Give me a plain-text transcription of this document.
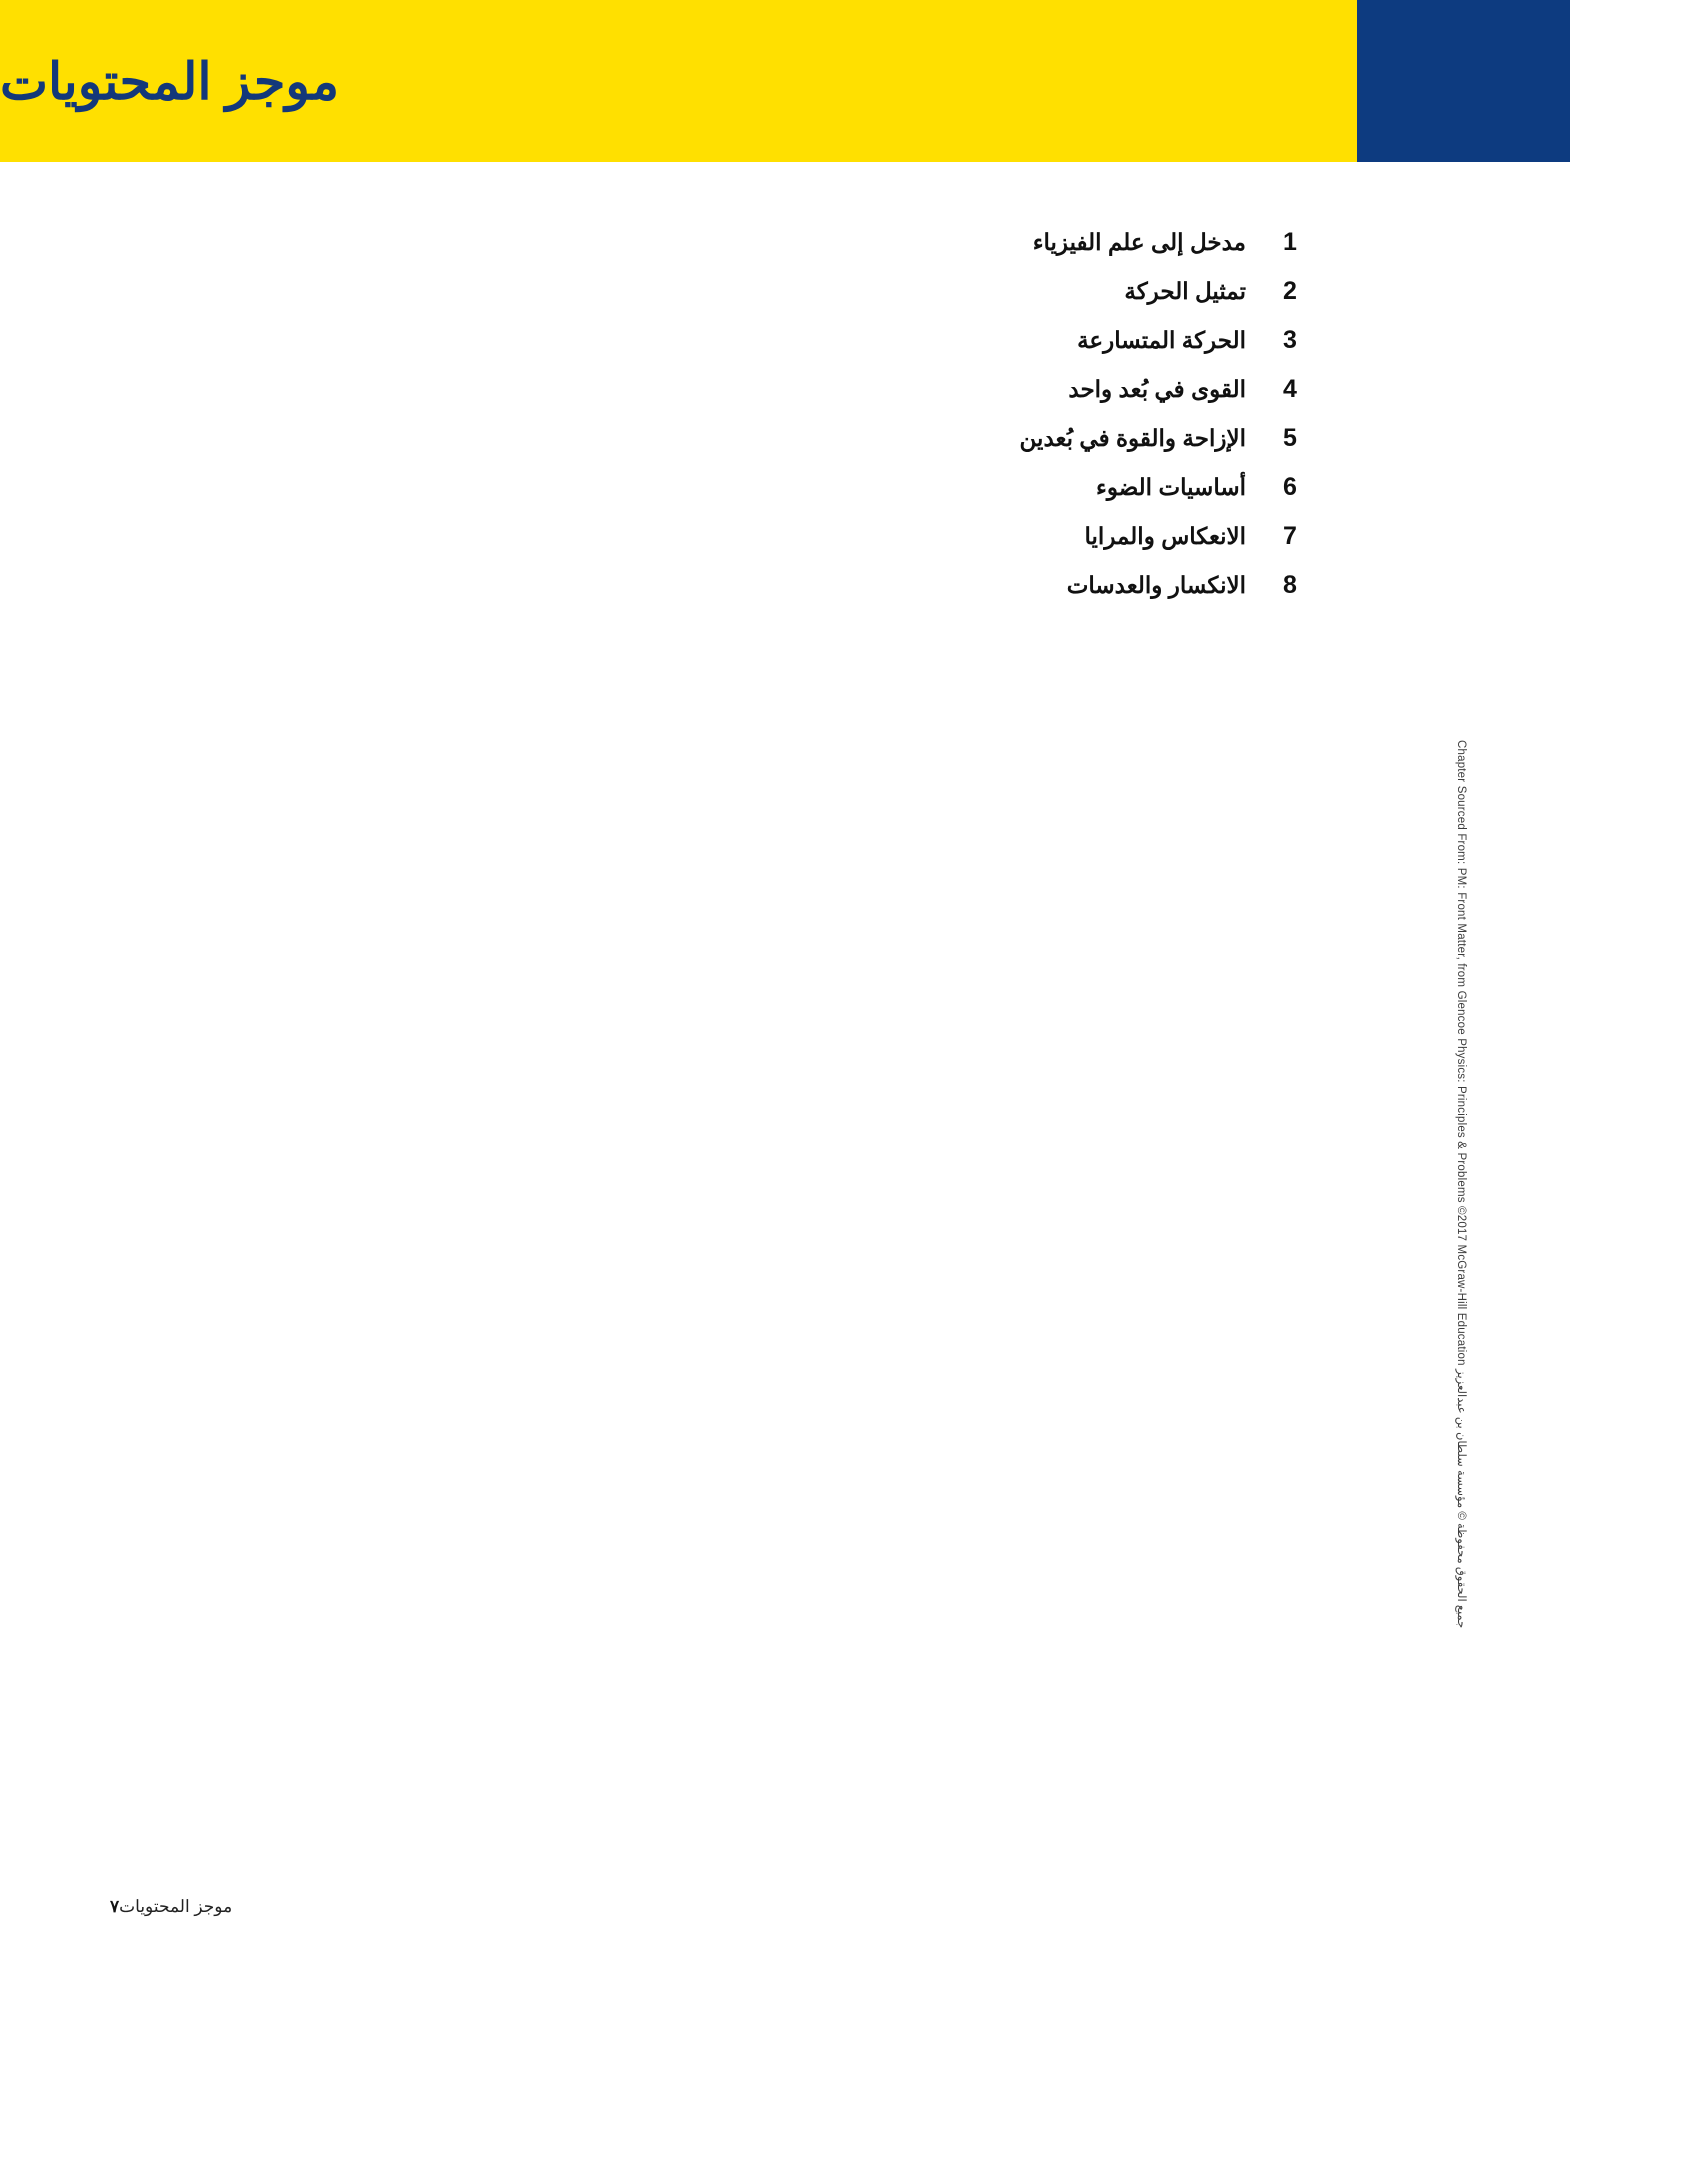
موجز المحتويات
1
مدخل إلى علم الفيزياء
2
تمثيل الحركة
3
الحركة المتسارعة
4
القوى في بُعد واحد
5
الإزاحة والقوة في بُعدين
6
أساسيات الضوء
7
الانعكاس والمرايا
8
الانكسار والعدسات
Chapter Sourced From: PM: Front Matter, from Glencoe Physics: Principles & Problems ©2017 McGraw-Hill Education جميع الحقوق محفوظة © مؤسسة سلطان بن عبدالعزيز
٧ موجز المحتويات
